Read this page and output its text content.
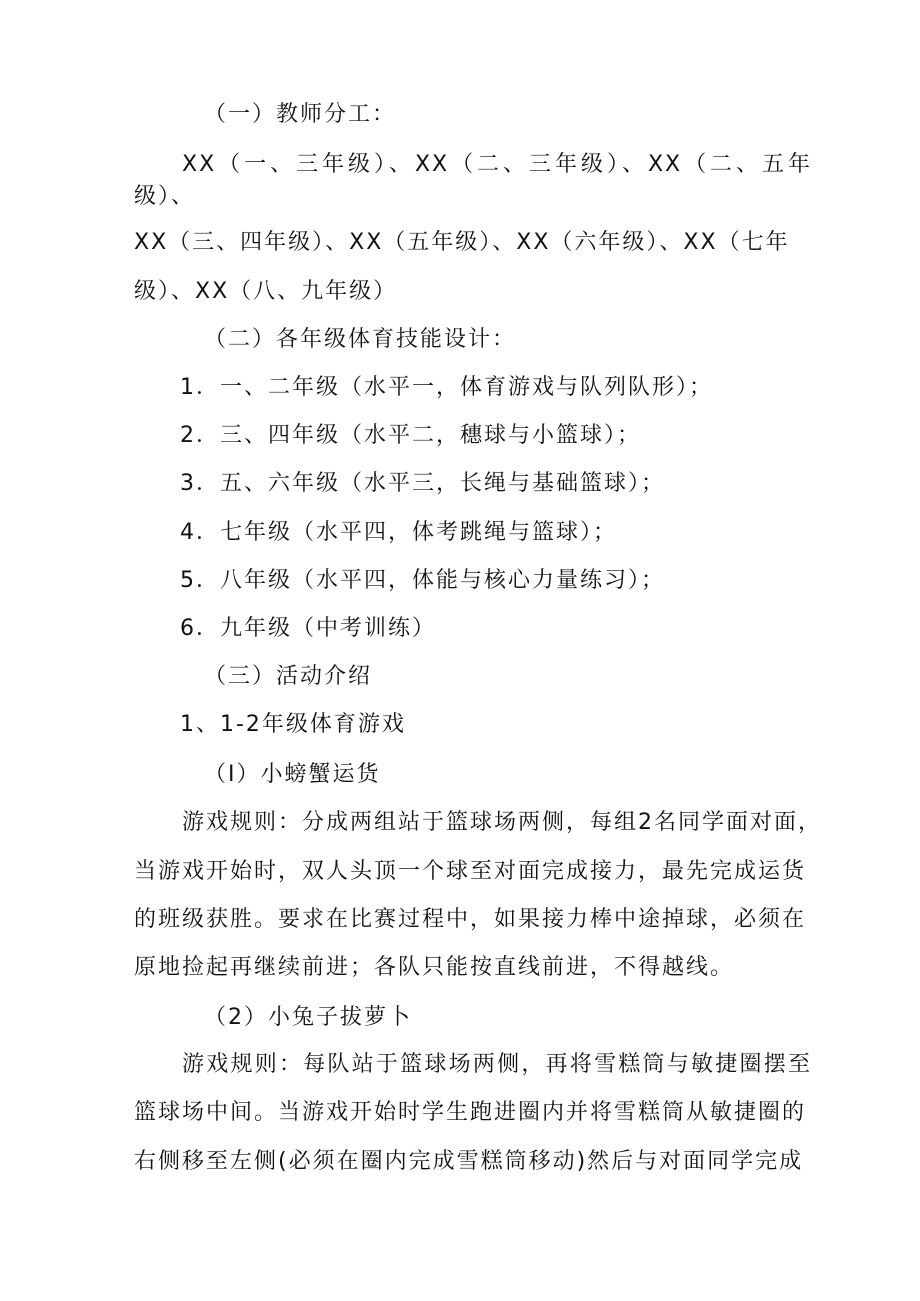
（一）教师分工：
XX（一、三年级）、XX（二、三年级）、XX（二、五年
级）、
XX（三、四年级）、XX（五年级）、XX（六年级）、XX（七年
级）、XX（八、九年级）
（二）各年级体育技能设计：
1．一、二年级（水平一，体育游戏与队列队形）；
2．三、四年级（水平二，穗球与小篮球）；
3．五、六年级（水平三，长绳与基础篮球）；
4．七年级（水平四，体考跳绳与篮球）；
5．八年级（水平四，体能与核心力量练习）；
6．九年级（中考训练）
（三）活动介绍
1、1-2年级体育游戏
（I）小螃蟹运货
游戏规则：分成两组站于篮球场两侧，每组2名同学面对面，
当游戏开始时，双人头顶一个球至对面完成接力，最先完成运货
的班级获胜。要求在比赛过程中，如果接力棒中途掉球，必须在
原地捡起再继续前进；各队只能按直线前进，不得越线。
（2）小兔子拔萝卜
游戏规则：每队站于篮球场两侧，再将雪糕筒与敏捷圈摆至
篮球场中间。当游戏开始时学生跑进圈内并将雪糕筒从敏捷圈的
右侧移至左侧(必须在圈内完成雪糕筒移动)然后与对面同学完成
